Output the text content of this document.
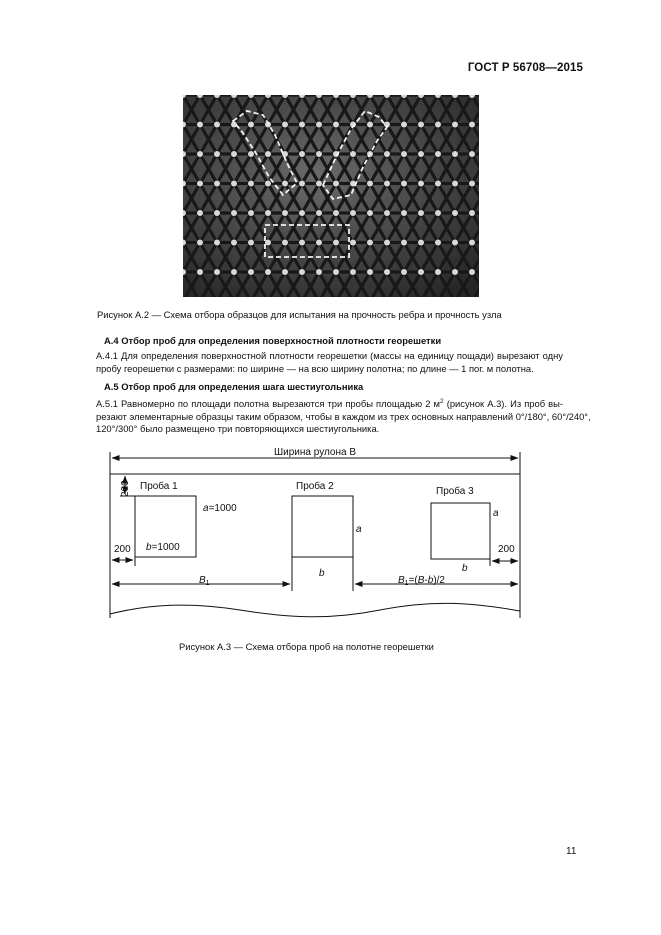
ГОСТ Р 56708—2015
Рисунок А.2 — Схема отбора образцов для испытания на прочность ребра и прочность узла
А.4 Отбор проб для определения поверхностной плотности георешетки
А.4.1 Для определения поверхностной плотности георешетки (массы на единицу пощади) вырезают одну
пробу георешетки с размерами: по ширине — на всю ширину полотна; по длине — 1 пог. м полотна.
А.5 Отбор проб для определения шага шестиугольника
А.5.1 Равномерно по площади полотна вырезаются три пробы площадью 2 $м^2$ (рисунок А.3). Из проб вы-
резают элементарные образцы таким образом, чтобы в каждом из трех основных направлений 0°/180°, 60°/240°,
120°/300° было размещено три повторяющихся шестиугольника.
Ширина рулона В
Проба 1	Проба 2	Проба 3
200
200	200
a=1000
b=1000
a
b
a
b
$B_1$	$B_1=(B-b)/2$
Рисунок А.3 — Схема отбора проб на полотне георешетки
11
